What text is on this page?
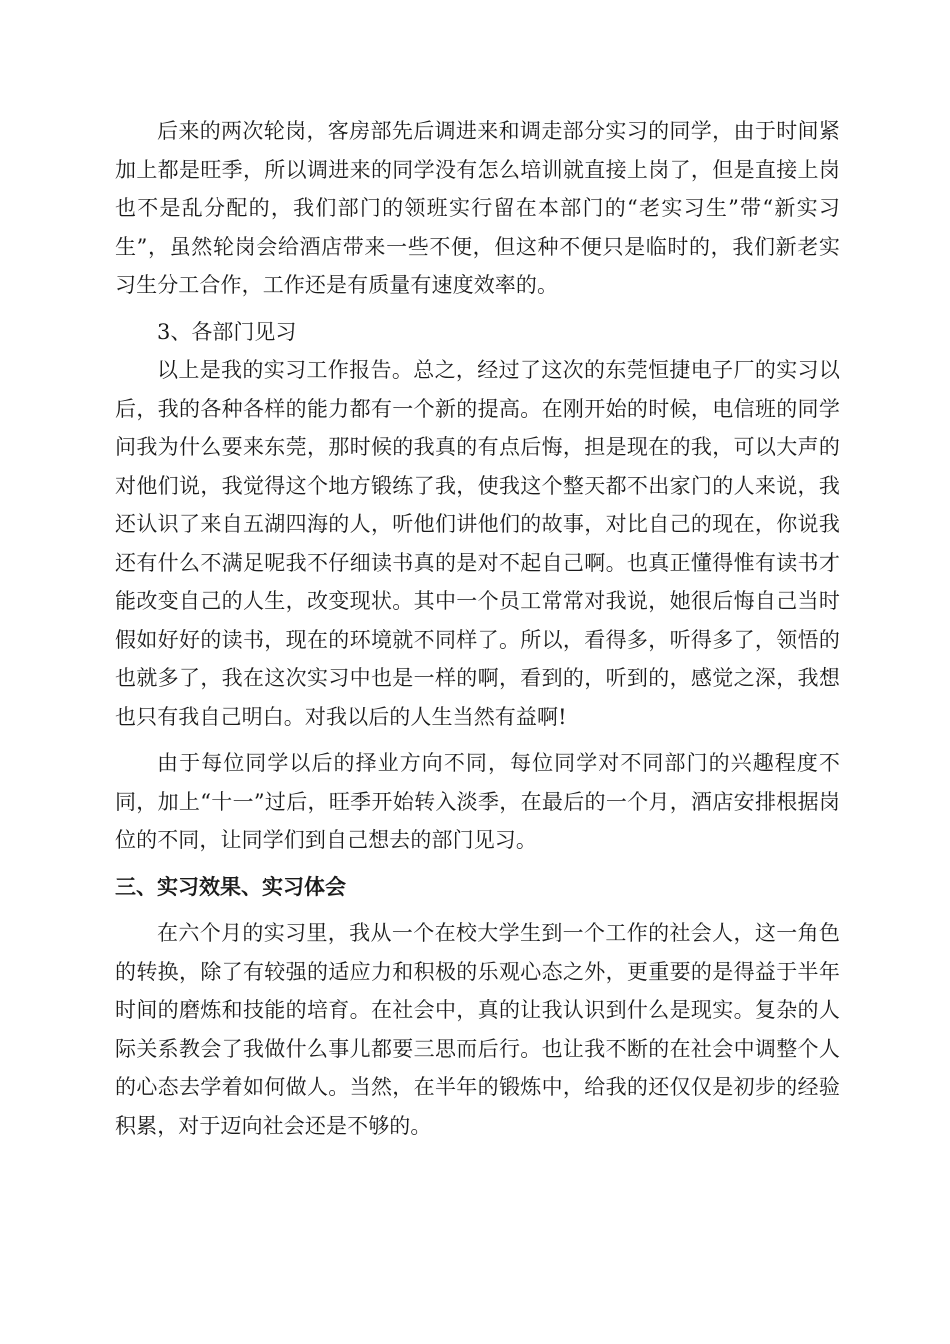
后来的两次轮岗，客房部先后调进来和调走部分实习的同学，由于时间紧加上都是旺季，所以调进来的同学没有怎么培训就直接上岗了，但是直接上岗也不是乱分配的，我们部门的领班实行留在本部门的“老实习生”带“新实习生”，虽然轮岗会给酒店带来一些不便，但这种不便只是临时的，我们新老实习生分工合作，工作还是有质量有速度效率的。

3、各部门见习

以上是我的实习工作报告。总之，经过了这次的东莞恒捷电子厂的实习以后，我的各种各样的能力都有一个新的提高。在刚开始的时候，电信班的同学问我为什么要来东莞，那时候的我真的有点后悔，担是现在的我，可以大声的对他们说，我觉得这个地方锻练了我，使我这个整天都不出家门的人来说，我还认识了来自五湖四海的人，听他们讲他们的故事，对比自己的现在，你说我还有什么不满足呢我不仔细读书真的是对不起自己啊。也真正懂得惟有读书才能改变自己的人生，改变现状。其中一个员工常常对我说，她很后悔自己当时假如好好的读书，现在的环境就不同样了。所以，看得多，听得多了，领悟的也就多了，我在这次实习中也是一样的啊，看到的，听到的，感觉之深，我想也只有我自己明白。对我以后的人生当然有益啊!

由于每位同学以后的择业方向不同，每位同学对不同部门的兴趣程度不同，加上“十一”过后，旺季开始转入淡季，在最后的一个月，酒店安排根据岗位的不同，让同学们到自己想去的部门见习。

三、实习效果、实习体会

在六个月的实习里，我从一个在校大学生到一个工作的社会人，这一角色的转换，除了有较强的适应力和积极的乐观心态之外，更重要的是得益于半年时间的磨炼和技能的培育。在社会中，真的让我认识到什么是现实。复杂的人际关系教会了我做什么事儿都要三思而后行。也让我不断的在社会中调整个人的心态去学着如何做人。当然，在半年的锻炼中，给我的还仅仅是初步的经验积累，对于迈向社会还是不够的。
